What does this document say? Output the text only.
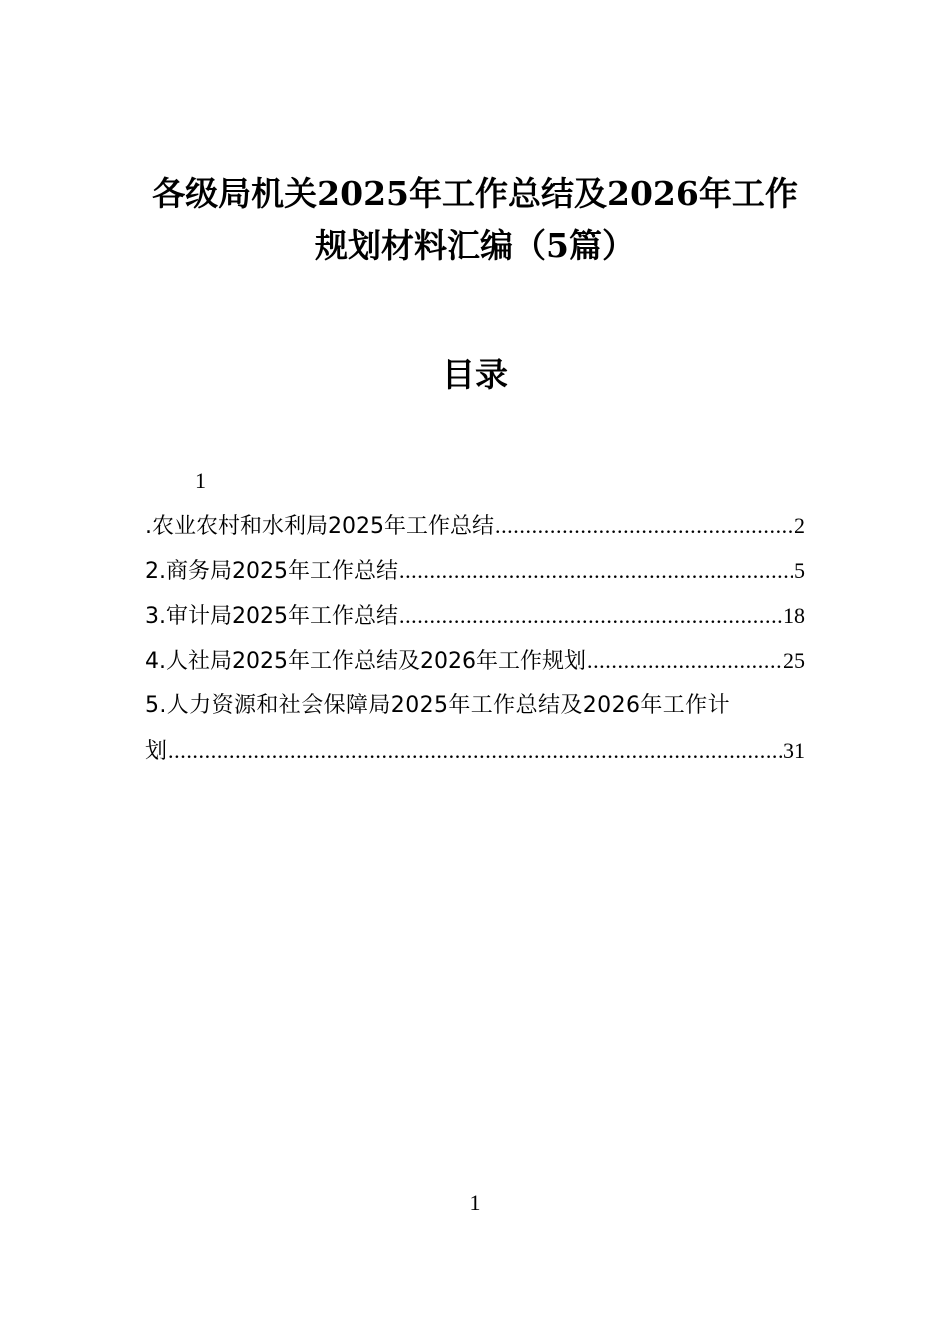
各级局机关2025年工作总结及2026年工作
规划材料汇编（5篇）
目录
1
.农业农村和水利局2025年工作总结 .....	2
2.商务局2025年工作总结 .....	5
3.审计局2025年工作总结 .....	18
4.人社局2025年工作总结及2026年工作规划 .....	25
5.人力资源和社会保障局2025年工作总结及2026年工作计
划 .....	31
1
